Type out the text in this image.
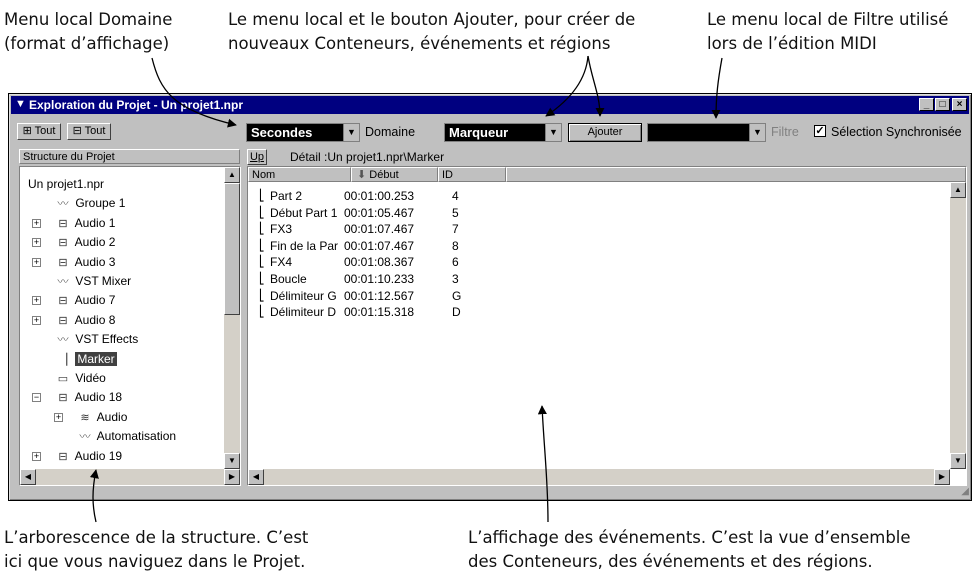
Menu local Domaine
(format d’affichage)
Le menu local et le bouton Ajouter, pour créer de
nouveaux Conteneurs, événements et régions
Le menu local de Filtre utilisé
lors de l’édition MIDI
L’arborescence de la structure. C’est
ici que vous naviguez dans le Projet.
L’affichage des événements. C’est la vue d’ensemble
des Conteneurs, des événements et des régions.
▼ Exploration du Projet - Un projet1.npr	_	□	×
⊞ Tout	⊟ Tout	Secondes	▼ Domaine	Marqueur	▼	Ajouter	▼ Filtre ✓ Sélection Synchronisée
Structure du Projet
Un projet1.npr
〰 Groupe 1
+	⊟ Audio 1
+	⊟ Audio 2
+	⊟ Audio 3
〰 VST Mixer
+	⊟ Audio 7
+	⊟ Audio 8
〰 VST Effects
▕ Marker
▭ Vidéo
−	⊟ Audio 18
+	≋ Audio
〰 Automatisation
+	⊟ Audio 19
▲
▼
◀	▶
Up Détail :Un projet1.npr\Marker
Nom	⬇ Début	ID
⎣ Part 2	00:01:00.253	4
⎣ Début Part 1 00:01:05.467	5
⎣ FX3	00:01:07.467	7
⎣ Fin de la Par 00:01:07.467	8
⎣ FX4	00:01:08.367	6
⎣ Boucle	00:01:10.233	3
⎣ Délimiteur G 00:01:12.567	G
⎣ Délimiteur D 00:01:15.318	D
▲
▼
◀	▶
◢
